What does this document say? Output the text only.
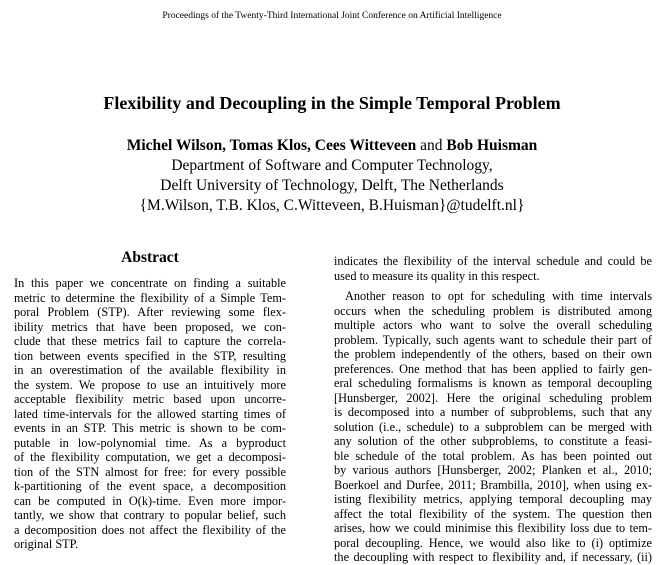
Proceedings of the Twenty-Third International Joint Conference on Artificial Intelligence
Flexibility and Decoupling in the Simple Temporal Problem
Michel Wilson, Tomas Klos, Cees Witteveen and Bob Huisman
Department of Software and Computer Technology,
Delft University of Technology, Delft, The Netherlands
{M.Wilson, T.B. Klos, C.Witteveen, B.Huisman}@tudelft.nl}
Abstract

In this paper we concentrate on finding a suitable
metric to determine the flexibility of a Simple Tem-
poral Problem (STP). After reviewing some flex-
ibility metrics that have been proposed, we con-
clude that these metrics fail to capture the correla-
tion between events specified in the STP, resulting
in an overestimation of the available flexibility in
the system. We propose to use an intuitively more
acceptable flexibility metric based upon uncorre-
lated time-intervals for the allowed starting times of
events in an STP. This metric is shown to be com-
putable in low-polynomial time. As a byproduct
of the flexibility computation, we get a decomposi-
tion of the STN almost for free: for every possible
k-partitioning of the event space, a decomposition
can be computed in O(k)-time. Even more impor-
tantly, we show that contrary to popular belief, such
a decomposition does not affect the flexibility of the
original STP.

indicates the flexibility of the interval schedule and could be
used to measure its quality in this respect.

Another reason to opt for scheduling with time intervals
occurs when the scheduling problem is distributed among
multiple actors who want to solve the overall scheduling
problem. Typically, such agents want to schedule their part of
the problem independently of the others, based on their own
preferences. One method that has been applied to fairly gen-
eral scheduling formalisms is known as temporal decoupling
[Hunsberger, 2002]. Here the original scheduling problem
is decomposed into a number of subproblems, such that any
solution (i.e., schedule) to a subproblem can be merged with
any solution of the other subproblems, to constitute a feasi-
ble schedule of the total problem. As has been pointed out
by various authors [Hunsberger, 2002; Planken et al., 2010;
Boerkoel and Durfee, 2011; Brambilla, 2010], when using ex-
isting flexibility metrics, applying temporal decoupling may
affect the total flexibility of the system. The question then
arises, how we could minimise this flexibility loss due to tem-
poral decoupling. Hence, we would also like to (i) optimize
the decoupling with respect to flexibility and, if necessary, (ii)
